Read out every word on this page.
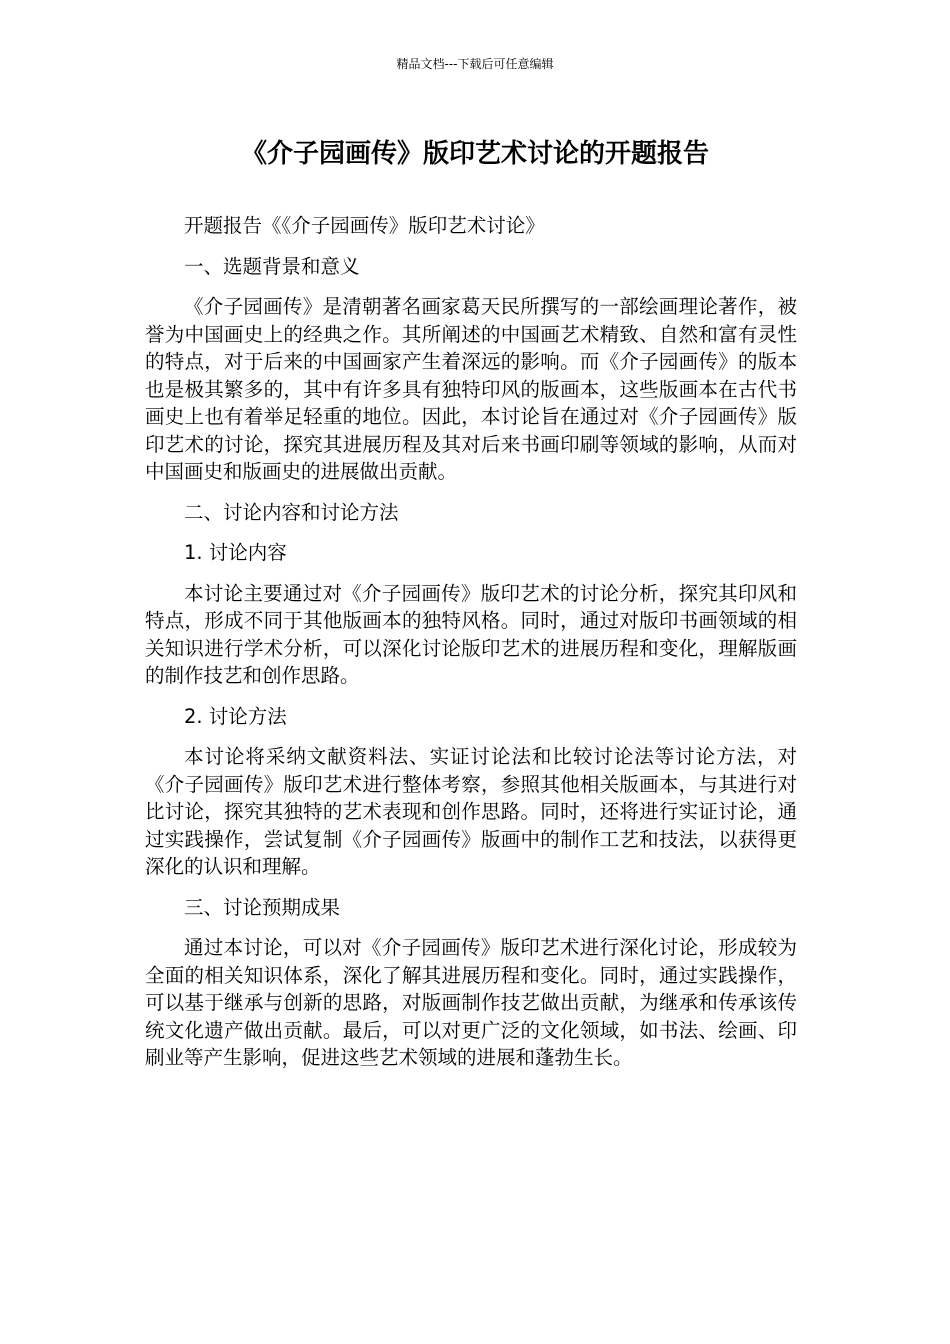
精品文档---下载后可任意编辑
《介子园画传》版印艺术讨论的开题报告

开题报告《《介子园画传》版印艺术讨论》

一、选题背景和意义

《介子园画传》是清朝著名画家葛天民所撰写的一部绘画理论著作，被誉为中国画史上的经典之作。其所阐述的中国画艺术精致、自然和富有灵性的特点，对于后来的中国画家产生着深远的影响。而《介子园画传》的版本也是极其繁多的，其中有许多具有独特印风的版画本，这些版画本在古代书画史上也有着举足轻重的地位。因此，本讨论旨在通过对《介子园画传》版印艺术的讨论，探究其进展历程及其对后来书画印刷等领域的影响，从而对中国画史和版画史的进展做出贡献。

二、讨论内容和讨论方法

1. 讨论内容

本讨论主要通过对《介子园画传》版印艺术的讨论分析，探究其印风和特点，形成不同于其他版画本的独特风格。同时，通过对版印书画领域的相关知识进行学术分析，可以深化讨论版印艺术的进展历程和变化，理解版画的制作技艺和创作思路。

2. 讨论方法

本讨论将采纳文献资料法、实证讨论法和比较讨论法等讨论方法，对《介子园画传》版印艺术进行整体考察，参照其他相关版画本，与其进行对比讨论，探究其独特的艺术表现和创作思路。同时，还将进行实证讨论，通过实践操作，尝试复制《介子园画传》版画中的制作工艺和技法，以获得更深化的认识和理解。

三、讨论预期成果

通过本讨论，可以对《介子园画传》版印艺术进行深化讨论，形成较为全面的相关知识体系，深化了解其进展历程和变化。同时，通过实践操作，可以基于继承与创新的思路，对版画制作技艺做出贡献，为继承和传承该传统文化遗产做出贡献。最后，可以对更广泛的文化领域，如书法、绘画、印刷业等产生影响，促进这些艺术领域的进展和蓬勃生长。
